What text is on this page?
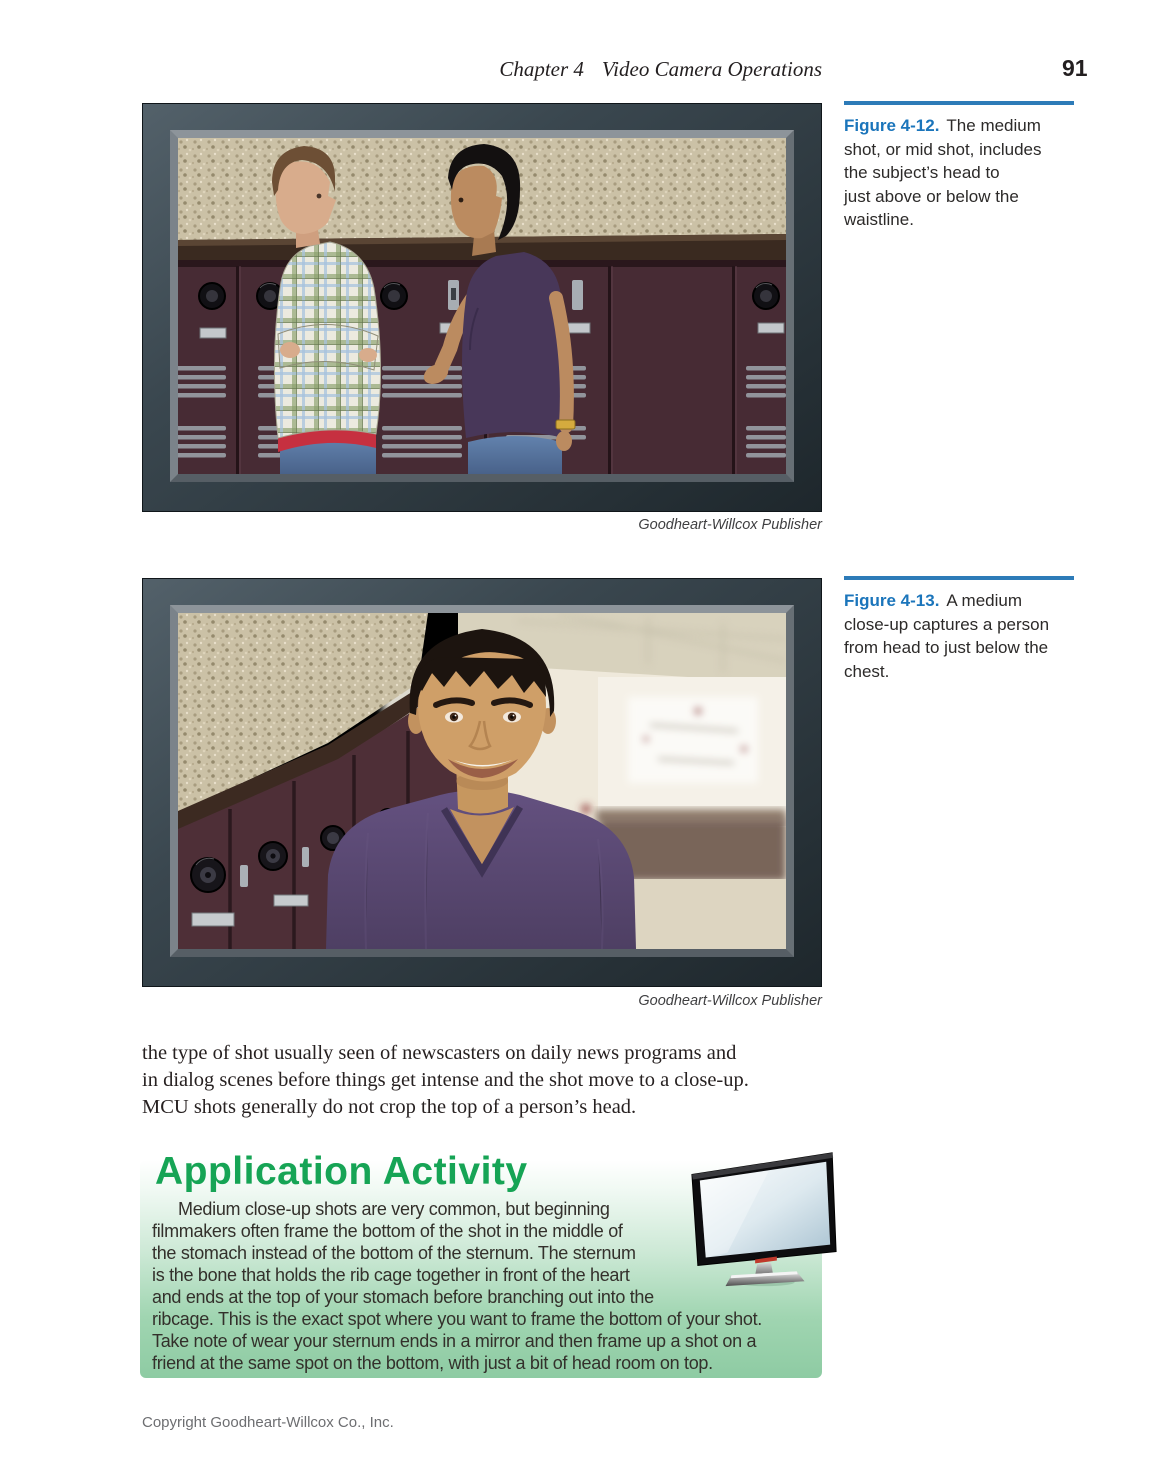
Chapter 4 Video Camera Operations	91
Goodheart-Willcox Publisher
Figure 4-12. The medium
shot, or mid shot, includes
the subject’s head to
just above or below the
waistline.
Goodheart-Willcox Publisher
Figure 4-13. A medium
close-up captures a person
from head to just below the
chest.
the type of shot usually seen of newscasters on daily news programs and
in dialog scenes before things get intense and the shot move to a close-up.
MCU shots generally do not crop the top of a person’s head.
Application Activity
Medium close-up shots are very common, but beginning
filmmakers often frame the bottom of the shot in the middle of
the stomach instead of the bottom of the sternum. The sternum
is the bone that holds the rib cage together in front of the heart
and ends at the top of your stomach before branching out into the
ribcage. This is the exact spot where you want to frame the bottom of your shot.
Take note of wear your sternum ends in a mirror and then frame up a shot on a
friend at the same spot on the bottom, with just a bit of head room on top.
Copyright Goodheart-Willcox Co., Inc.
